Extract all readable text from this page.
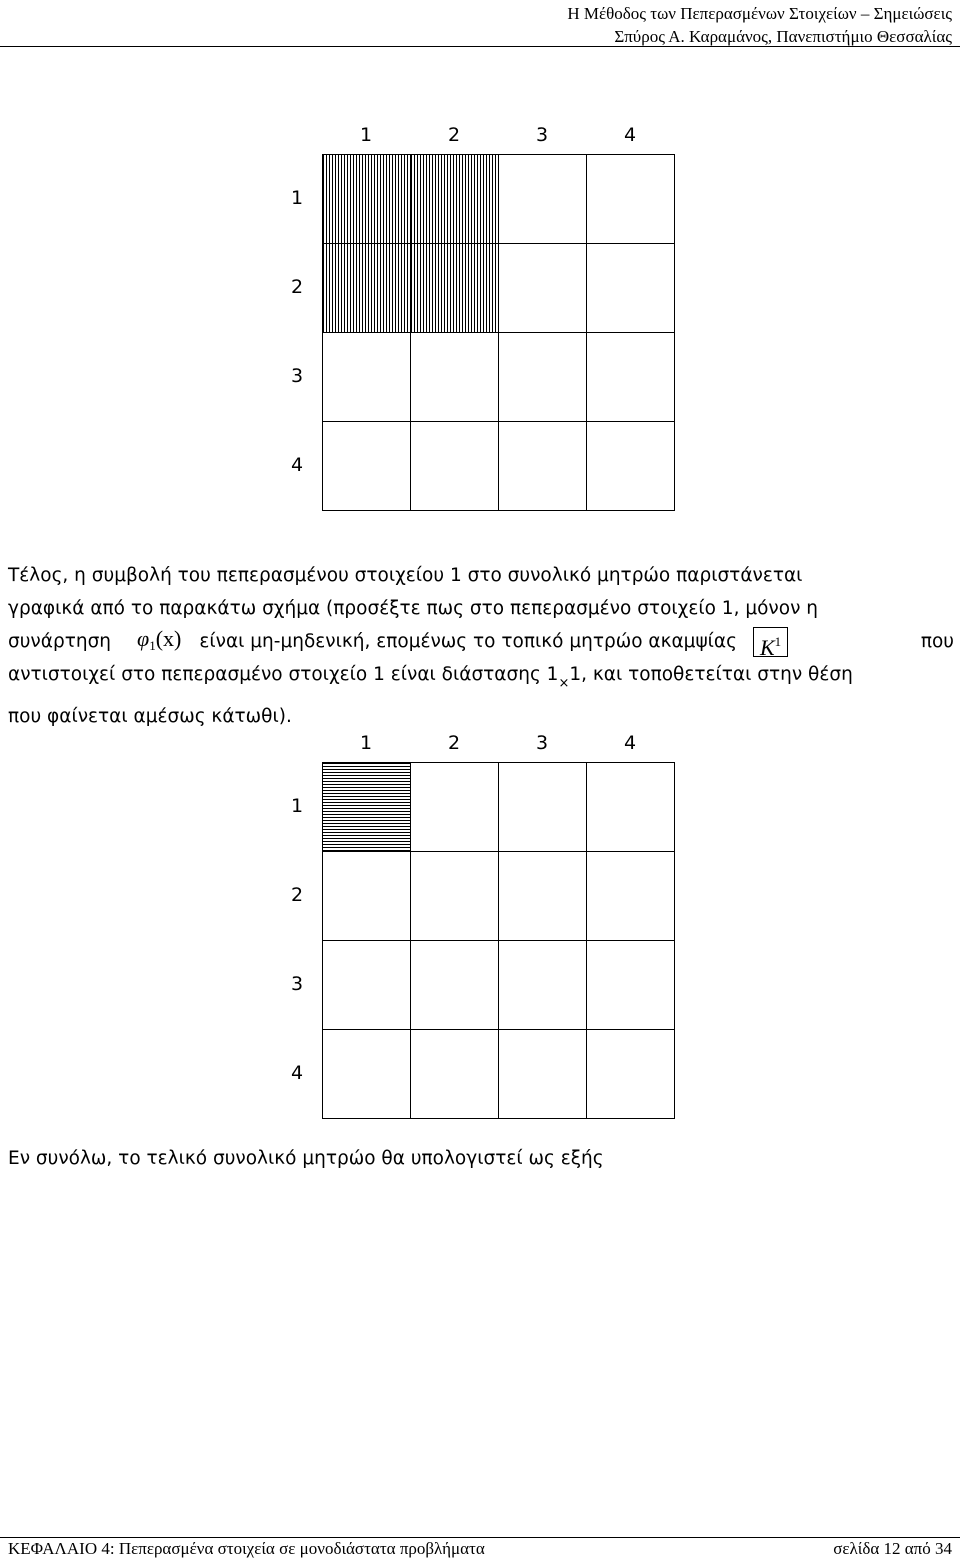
Η Μέθοδος των Πεπερασμένων Στοιχείων – Σημειώσεις
Σπύρος Α. Καραμάνος, Πανεπιστήμιο Θεσσαλίας
1	2	3	4
1
2
3
4
Τέλος, η συμβολή του πεπερασμένου στοιχείου 1 στο συνολικό μητρώο παριστάνεται
γραφικά από το παρακάτω σχήμα (προσέξτε πως στο πεπερασμένο στοιχείο 1, μόνον η
συνάρτηση $\varphi_1(x)$ είναι μη-μηδενική, επομένως το τοπικό μητρώο ακαμψίας	$K^1$	που
αντιστοιχεί στο πεπερασμένο στοιχείο 1 είναι διάστασης 1 × 1, και τοποθετείται στην θέση
που φαίνεται αμέσως κάτωθι).
1	2	3	4
1
2
3
4
Εν συνόλω, το τελικό συνολικό μητρώο θα υπολογιστεί ως εξής
ΚΕΦΑΛΑΙΟ 4: Πεπερασμένα στοιχεία σε μονοδιάστατα προβλήματα	σελίδα 12 από 34
